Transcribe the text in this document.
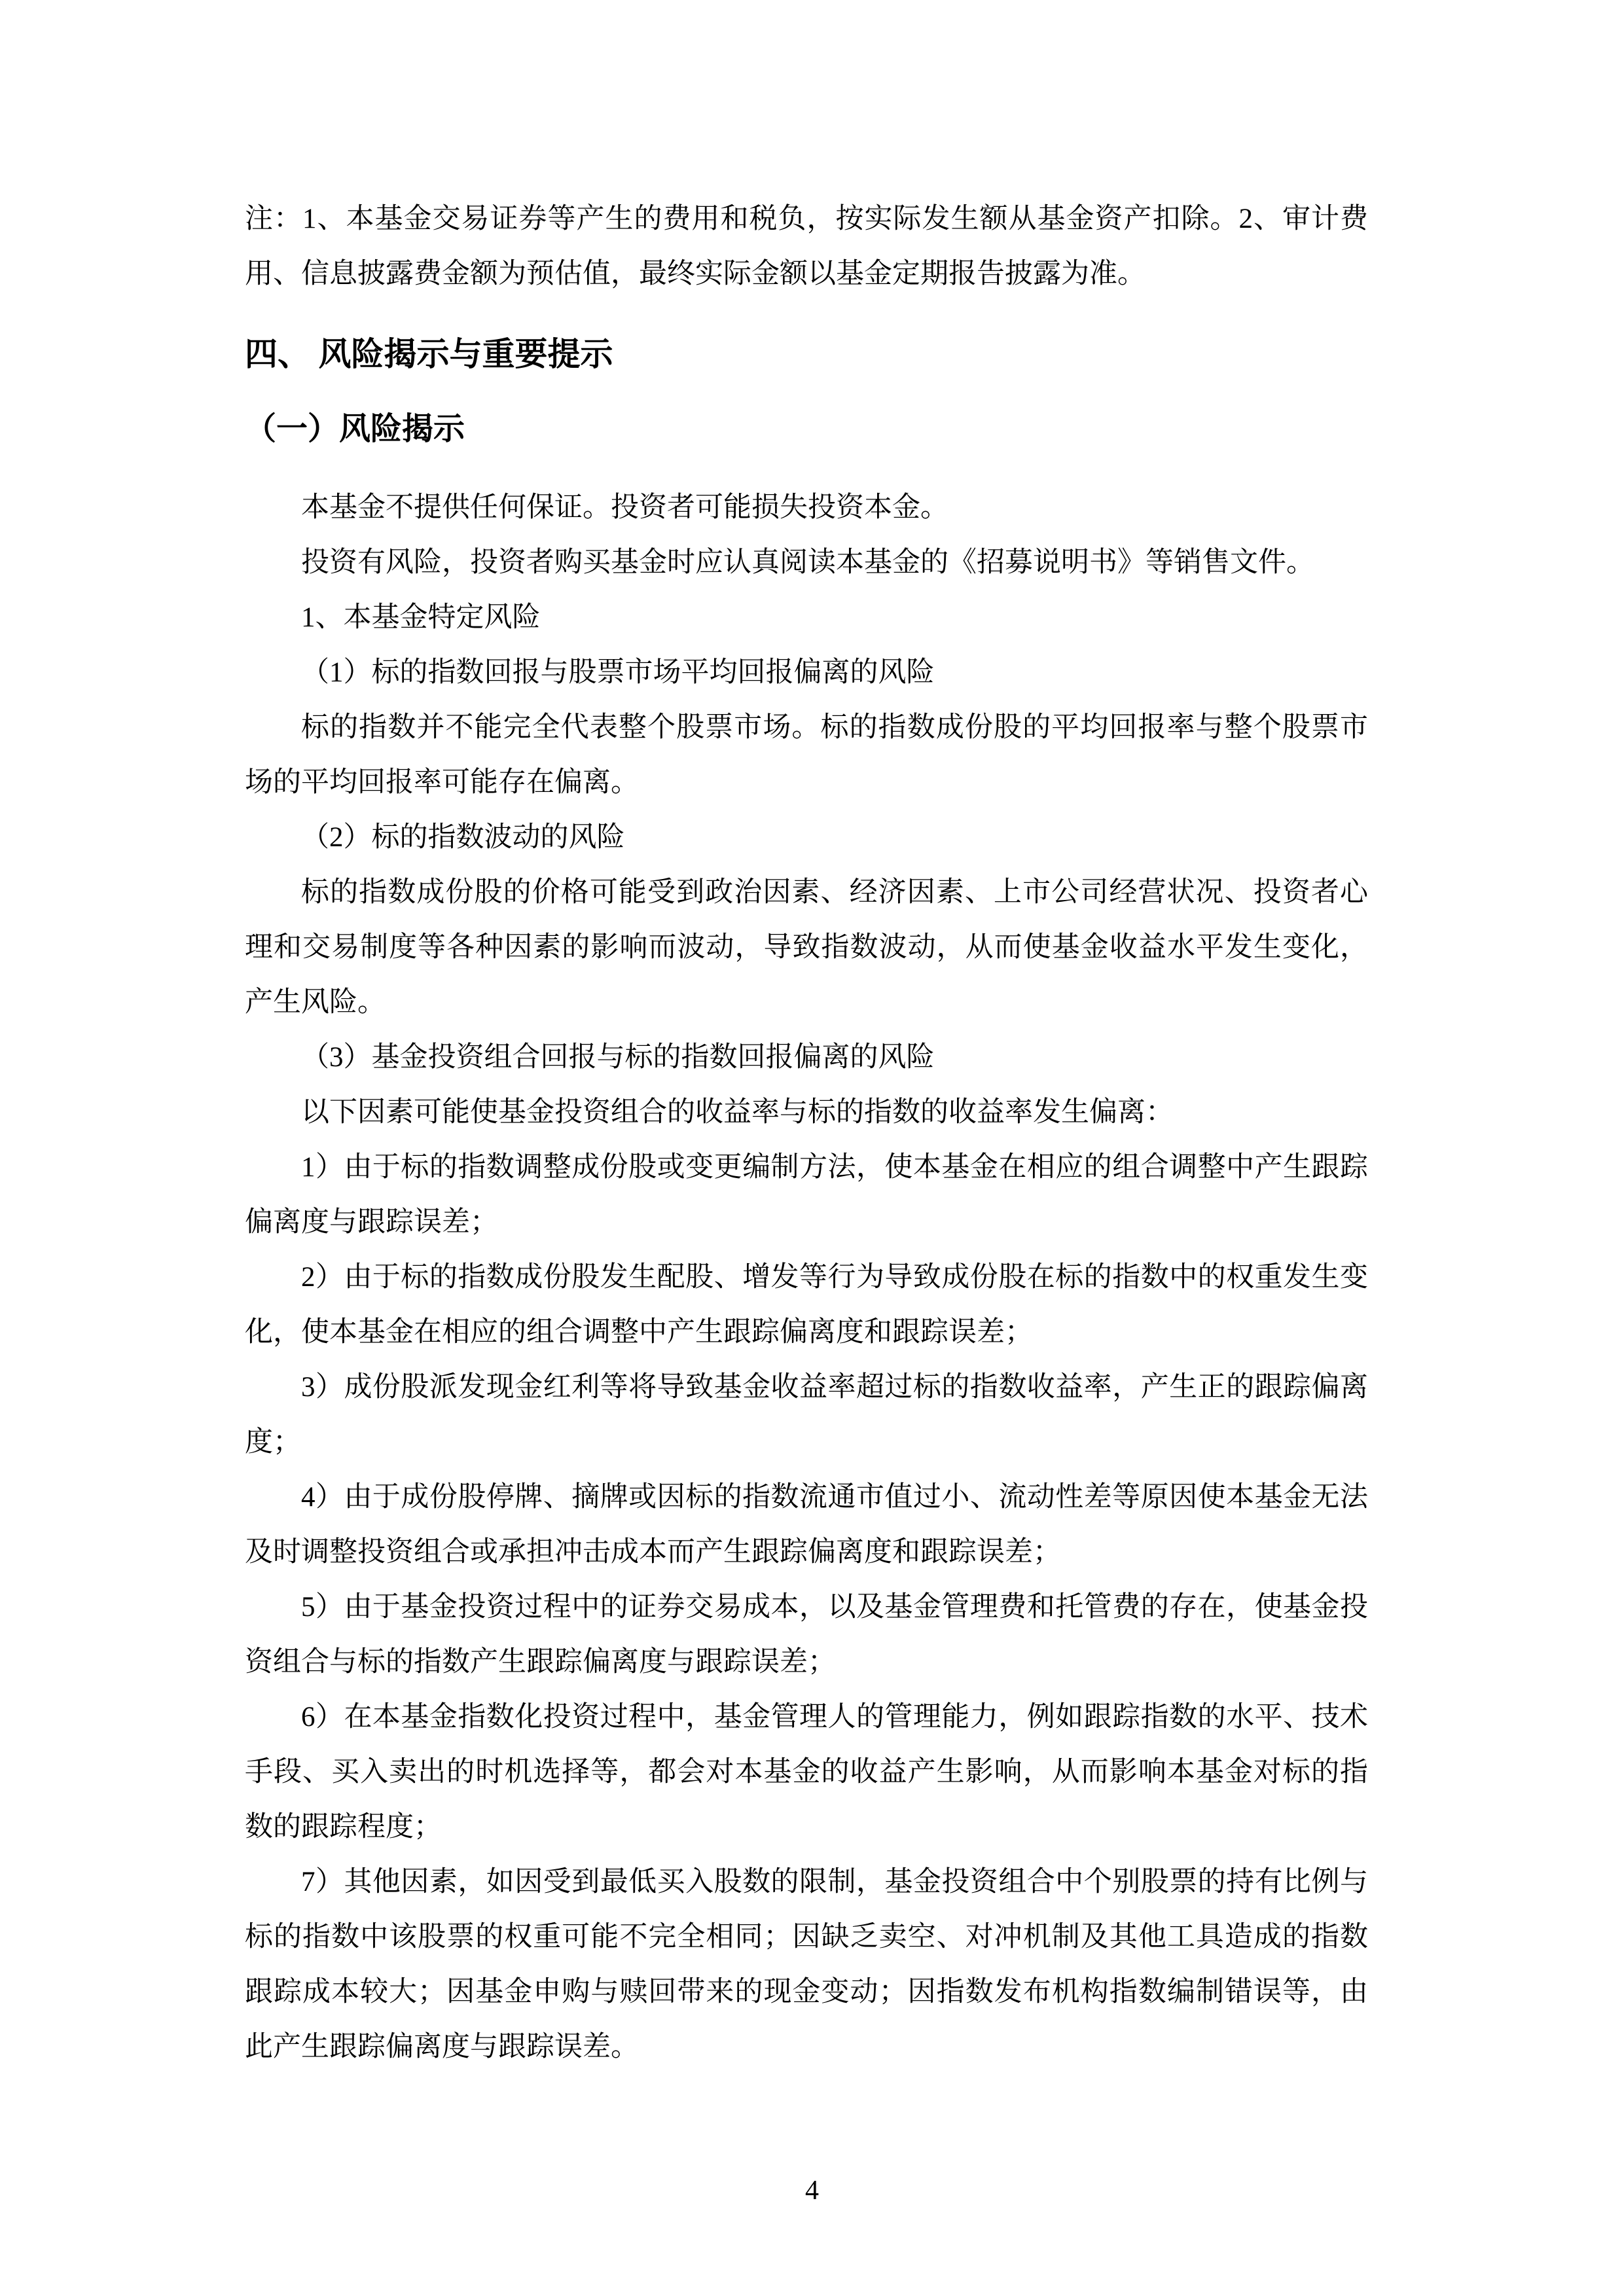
注：1、本基金交易证券等产生的费用和税负，按实际发生额从基金资产扣除。2、审计费
用、信息披露费金额为预估值，最终实际金额以基金定期报告披露为准。
四、 风险揭示与重要提示
（一）风险揭示
本基金不提供任何保证。投资者可能损失投资本金。
投资有风险，投资者购买基金时应认真阅读本基金的《招募说明书》等销售文件。
1、本基金特定风险
（1）标的指数回报与股票市场平均回报偏离的风险
标的指数并不能完全代表整个股票市场。标的指数成份股的平均回报率与整个股票市
场的平均回报率可能存在偏离。
（2）标的指数波动的风险
标的指数成份股的价格可能受到政治因素、经济因素、上市公司经营状况、投资者心
理和交易制度等各种因素的影响而波动，导致指数波动，从而使基金收益水平发生变化，
产生风险。
（3）基金投资组合回报与标的指数回报偏离的风险
以下因素可能使基金投资组合的收益率与标的指数的收益率发生偏离：
1）由于标的指数调整成份股或变更编制方法，使本基金在相应的组合调整中产生跟踪
偏离度与跟踪误差；
2）由于标的指数成份股发生配股、增发等行为导致成份股在标的指数中的权重发生变
化，使本基金在相应的组合调整中产生跟踪偏离度和跟踪误差；
3）成份股派发现金红利等将导致基金收益率超过标的指数收益率，产生正的跟踪偏离
度；
4）由于成份股停牌、摘牌或因标的指数流通市值过小、流动性差等原因使本基金无法
及时调整投资组合或承担冲击成本而产生跟踪偏离度和跟踪误差；
5）由于基金投资过程中的证券交易成本，以及基金管理费和托管费的存在，使基金投
资组合与标的指数产生跟踪偏离度与跟踪误差；
6）在本基金指数化投资过程中，基金管理人的管理能力，例如跟踪指数的水平、技术
手段、买入卖出的时机选择等，都会对本基金的收益产生影响，从而影响本基金对标的指
数的跟踪程度；
7）其他因素，如因受到最低买入股数的限制，基金投资组合中个别股票的持有比例与
标的指数中该股票的权重可能不完全相同；因缺乏卖空、对冲机制及其他工具造成的指数
跟踪成本较大；因基金申购与赎回带来的现金变动；因指数发布机构指数编制错误等，由
此产生跟踪偏离度与跟踪误差。
4
